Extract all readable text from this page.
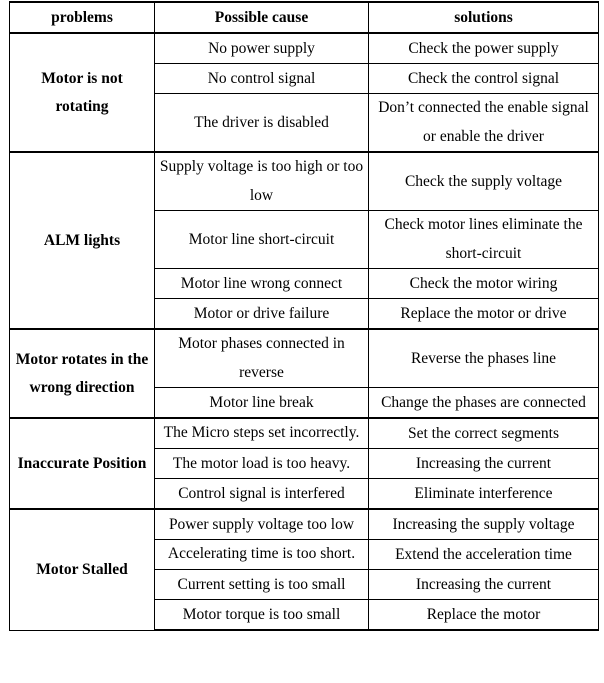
problems	Possible cause	solutions
Motor is not rotating	No power supply	Check the power supply
	No control signal	Check the control signal
	The driver is disabled	Don’t connected the enable signal or enable the driver
ALM lights	Supply voltage is too high or too low	Check the supply voltage
	Motor line short-circuit	Check motor lines eliminate the short-circuit
	Motor line wrong connect	Check the motor wiring
	Motor or drive failure	Replace the motor or drive
Motor rotates in the wrong direction	Motor phases connected in reverse	Reverse the phases line
	Motor line break	Change the phases are connected
Inaccurate Position	The Micro steps set incorrectly.	Set the correct segments
	The motor load is too heavy.	Increasing the current
	Control signal is interfered	Eliminate interference
Motor Stalled	Power supply voltage too low	Increasing the supply voltage
	Accelerating time is too short.	Extend the acceleration time
	Current setting is too small	Increasing the current
	Motor torque is too small	Replace the motor
